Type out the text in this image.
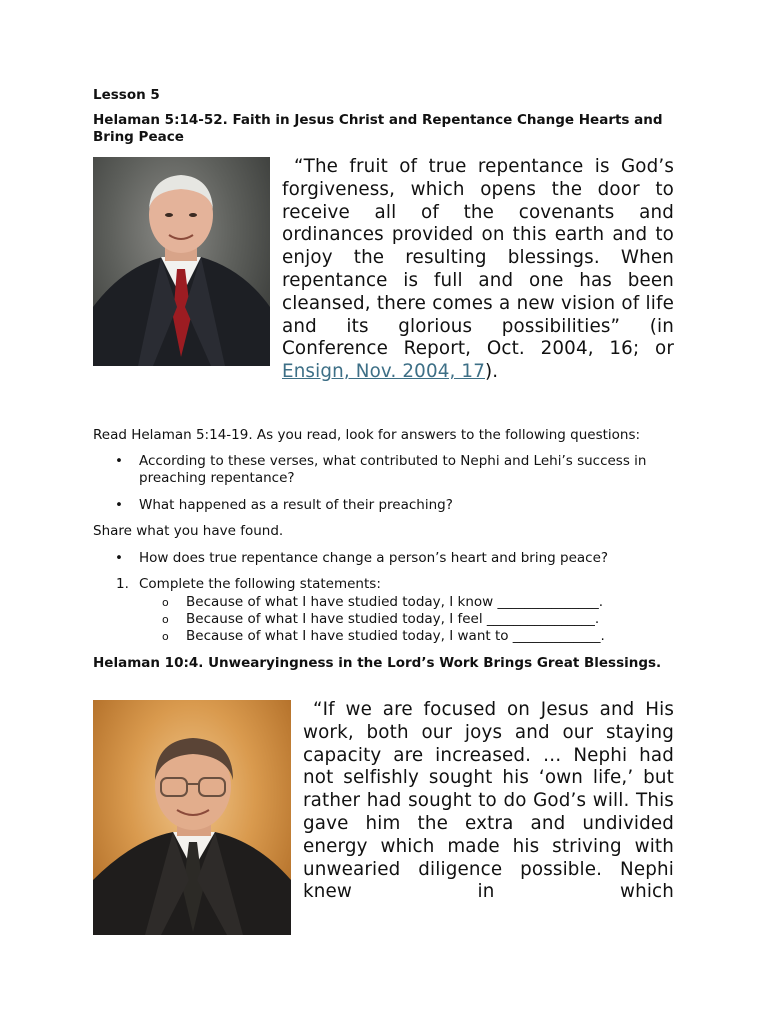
Lesson 5

Helaman 5:14-52. Faith in Jesus Christ and Repentance Change Hearts and Bring Peace

“The fruit of true repentance is God’s forgiveness, which opens the door to receive all of the covenants and ordinances provided on this earth and to enjoy the resulting blessings. When repentance is full and one has been cleansed, there comes a new vision of life and its glorious possibilities” (in Conference Report, Oct. 2004, 16; or Ensign, Nov. 2004, 17).

Read Helaman 5:14-19. As you read, look for answers to the following questions:

• According to these verses, what contributed to Nephi and Lehi’s success in preaching repentance?
• What happened as a result of their preaching?

Share what you have found.

• How does true repentance change a person’s heart and bring peace?
1. Complete the following statements:
o Because of what I have studied today, I know _______________.
o Because of what I have studied today, I feel ________________.
o Because of what I have studied today, I want to _____________.

Helaman 10:4. Unwearyingness in the Lord’s Work Brings Great Blessings.

“If we are focused on Jesus and His work, both our joys and our staying capacity are increased. … Nephi had not selfishly sought his ‘own life,’ but rather had sought to do God’s will. This gave him the extra and undivided energy which made his striving with unwearied diligence possible. Nephi knew in which
